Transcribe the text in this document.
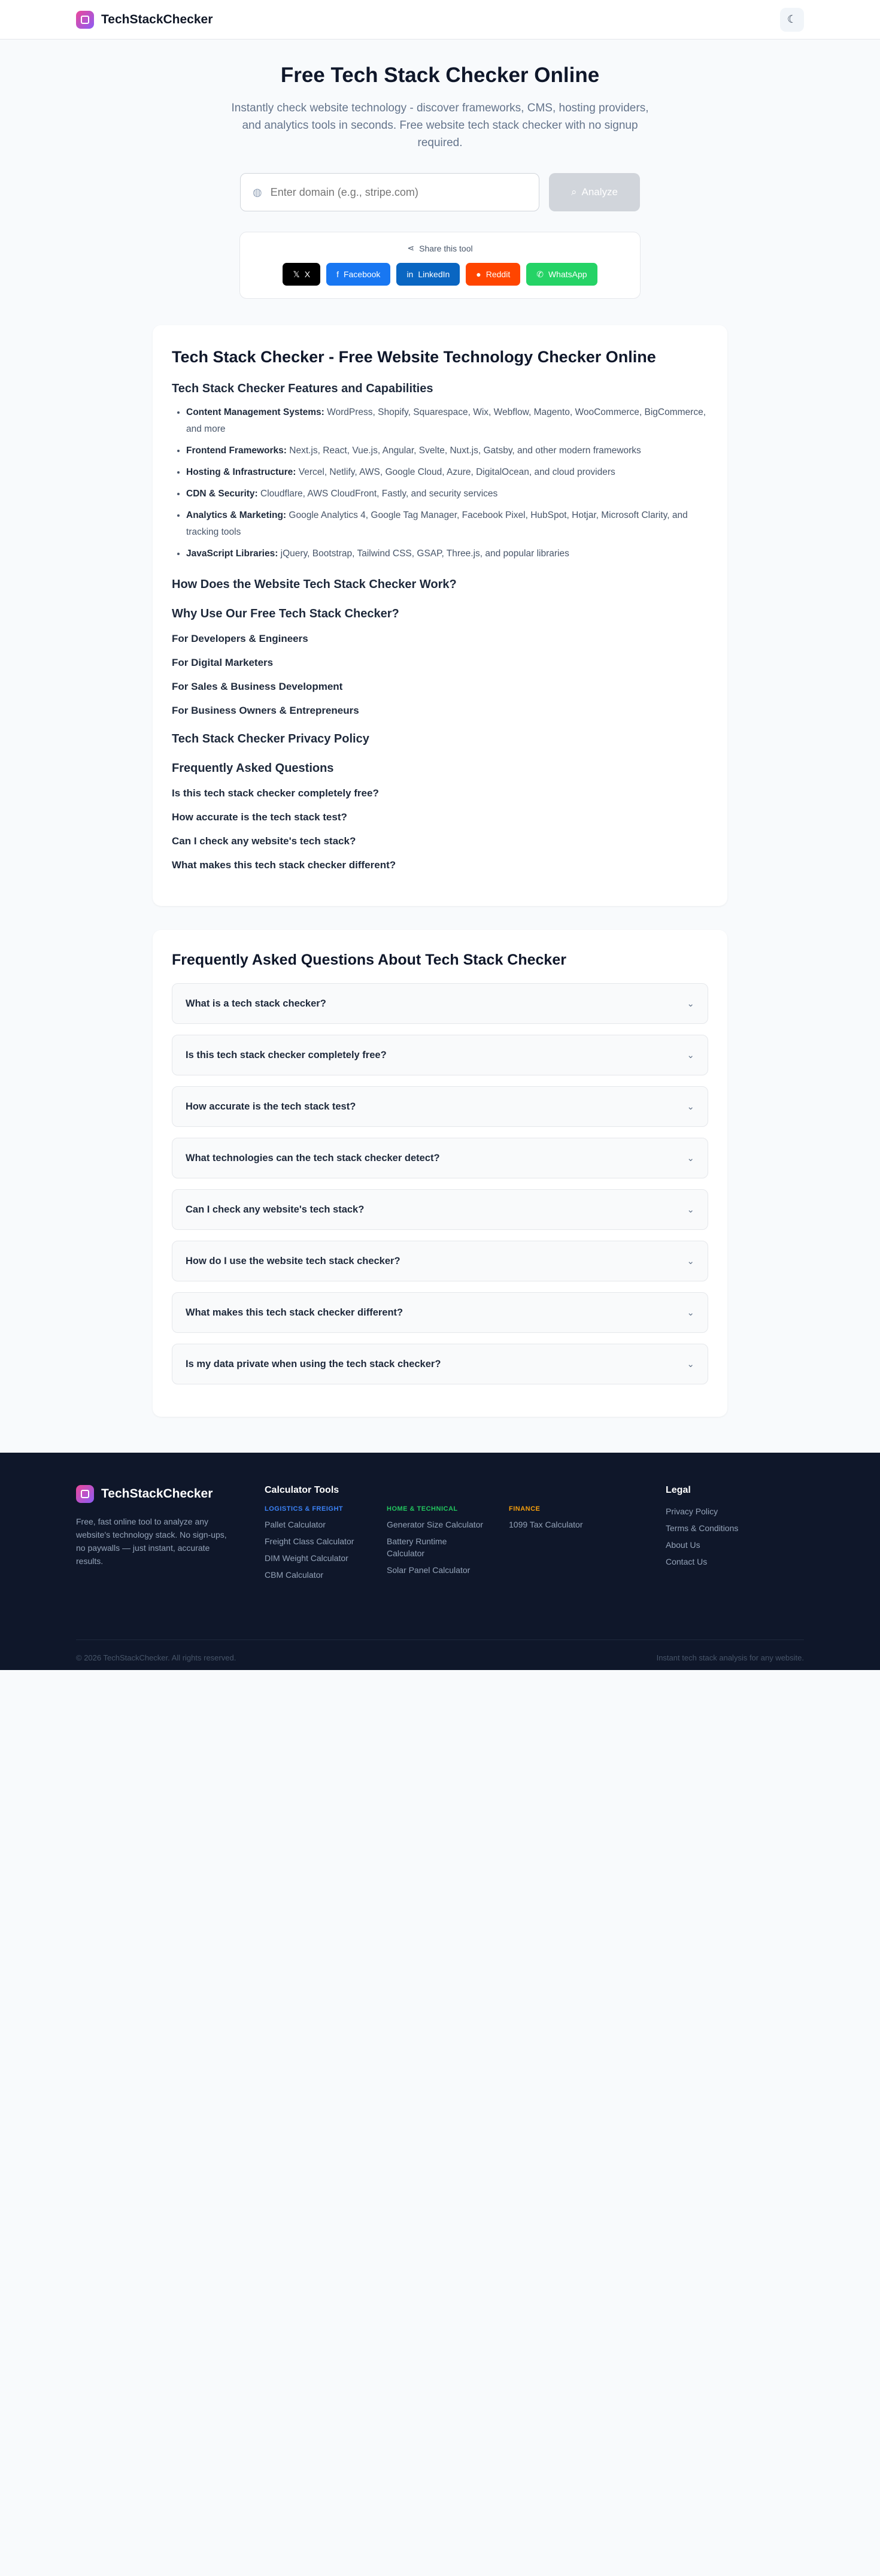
TechStackChecker	☾
Free Tech Stack Checker Online

Instantly check website technology - discover frameworks, CMS, hosting providers, and analytics tools in seconds. Free website tech stack checker with no signup required.

◍
Enter domain (e.g., stripe.com)	⌕ Analyze
⋖ Share this tool
𝕏 X	f Facebook	in LinkedIn	● Reddit	✆ WhatsApp
Tech Stack Checker - Free Website Technology Checker Online

Tech Stack Checker Features and Capabilities

• Content Management Systems: WordPress, Shopify, Squarespace, Wix, Webflow, Magento, WooCommerce, BigCommerce, and more
• Frontend Frameworks: Next.js, React, Vue.js, Angular, Svelte, Nuxt.js, Gatsby, and other modern frameworks
• Hosting & Infrastructure: Vercel, Netlify, AWS, Google Cloud, Azure, DigitalOcean, and cloud providers
• CDN & Security: Cloudflare, AWS CloudFront, Fastly, and security services
• Analytics & Marketing: Google Analytics 4, Google Tag Manager, Facebook Pixel, HubSpot, Hotjar, Microsoft Clarity, and tracking tools
• JavaScript Libraries: jQuery, Bootstrap, Tailwind CSS, GSAP, Three.js, and popular libraries
How Does the Website Tech Stack Checker Work?

Why Use Our Free Tech Stack Checker?
For Developers & Engineers

For Digital Marketers

For Sales & Business Development

For Business Owners & Entrepreneurs

Tech Stack Checker Privacy Policy

Frequently Asked Questions
Is this tech stack checker completely free?

How accurate is the tech stack test?

Can I check any website's tech stack?

What makes this tech stack checker different?

Frequently Asked Questions About Tech Stack Checker
What is a tech stack checker?	⌄
Is this tech stack checker completely free?	⌄
How accurate is the tech stack test?	⌄
What technologies can the tech stack checker detect?	⌄
Can I check any website's tech stack?	⌄
How do I use the website tech stack checker?	⌄
What makes this tech stack checker different?	⌄
Is my data private when using the tech stack checker?	⌄
TechStackChecker

Free, fast online tool to analyze any website's technology stack. No sign-ups, no paywalls — just instant, accurate results.

Calculator Tools
LOGISTICS & FREIGHT
Pallet Calculator
Freight Class Calculator
DIM Weight Calculator
CBM Calculator
HOME & TECHNICAL
Generator Size Calculator
Battery Runtime Calculator
Solar Panel Calculator
FINANCE
1099 Tax Calculator
Legal
Privacy Policy
Terms & Conditions
About Us
Contact Us
© 2026 TechStackChecker. All rights reserved.	Instant tech stack analysis for any website.
